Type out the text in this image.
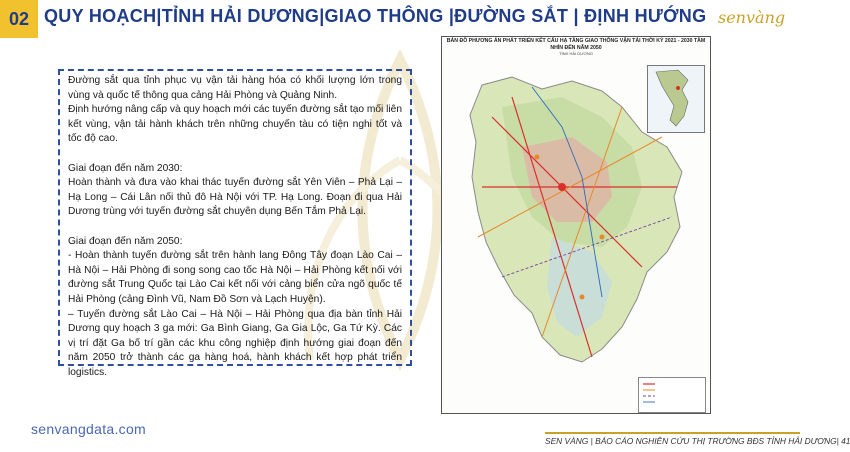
02 QUY HOẠCH|TỈNH HẢI DƯƠNG|GIAO THÔNG |ĐƯỜNG SẮT | ĐỊNH HƯỚNG senvàng

Đường sắt qua tỉnh phục vụ vận tải hàng hóa có khối lượng lớn trong vùng và quốc tế thông qua cảng Hải Phòng và Quảng Ninh.

Định hướng nâng cấp và quy hoạch mới các tuyến đường sắt tạo mối liên kết vùng, vận tải hành khách trên những chuyến tàu có tiện nghi tốt và tốc độ cao.

Giai đoạn đến năm 2030:

Hoàn thành và đưa vào khai thác tuyến đường sắt Yên Viên – Phả Lại – Hạ Long – Cái Lân nối thủ đô Hà Nội với TP. Hạ Long. Đoạn đi qua Hải Dương trùng với tuyến đường sắt chuyên dụng Bến Tắm Phả Lại.

Giai đoạn đến năm 2050:

- Hoàn thành tuyến đường sắt trên hành lang Đông Tây đoạn Lào Cai – Hà Nội – Hải Phòng đi song song cao tốc Hà Nội – Hải Phòng kết nối với đường sắt Trung Quốc tại Lào Cai kết nối với cảng biển cửa ngõ quốc tế Hải Phòng (cảng Đình Vũ, Nam Đồ Sơn và Lạch Huyện).

– Tuyến đường sắt Lào Cai – Hà Nội – Hải Phòng qua địa bàn tỉnh Hải Dương quy hoạch 3 ga mới: Ga Bình Giang, Ga Gia Lộc, Ga Tứ Kỳ. Các vị trí đặt Ga bố trí gần các khu công nghiệp định hướng giai đoạn đến năm 2050 trở thành các ga hàng hoá, hành khách kết hợp phát triển logistics.

BẢN ĐỒ PHƯƠNG ÁN PHÁT TRIỂN KẾT CẤU HẠ TẦNG GIAO THÔNG VẬN TẢI THỜI KỲ 2021 - 2030 TẦM NHÌN ĐẾN NĂM 2050
TỈNH HẢI DƯƠNG
senvangdata.com
SEN VÀNG | BÁO CÁO NGHIÊN CỨU THỊ TRƯỜNG BĐS TỈNH HẢI DƯƠNG| 41
